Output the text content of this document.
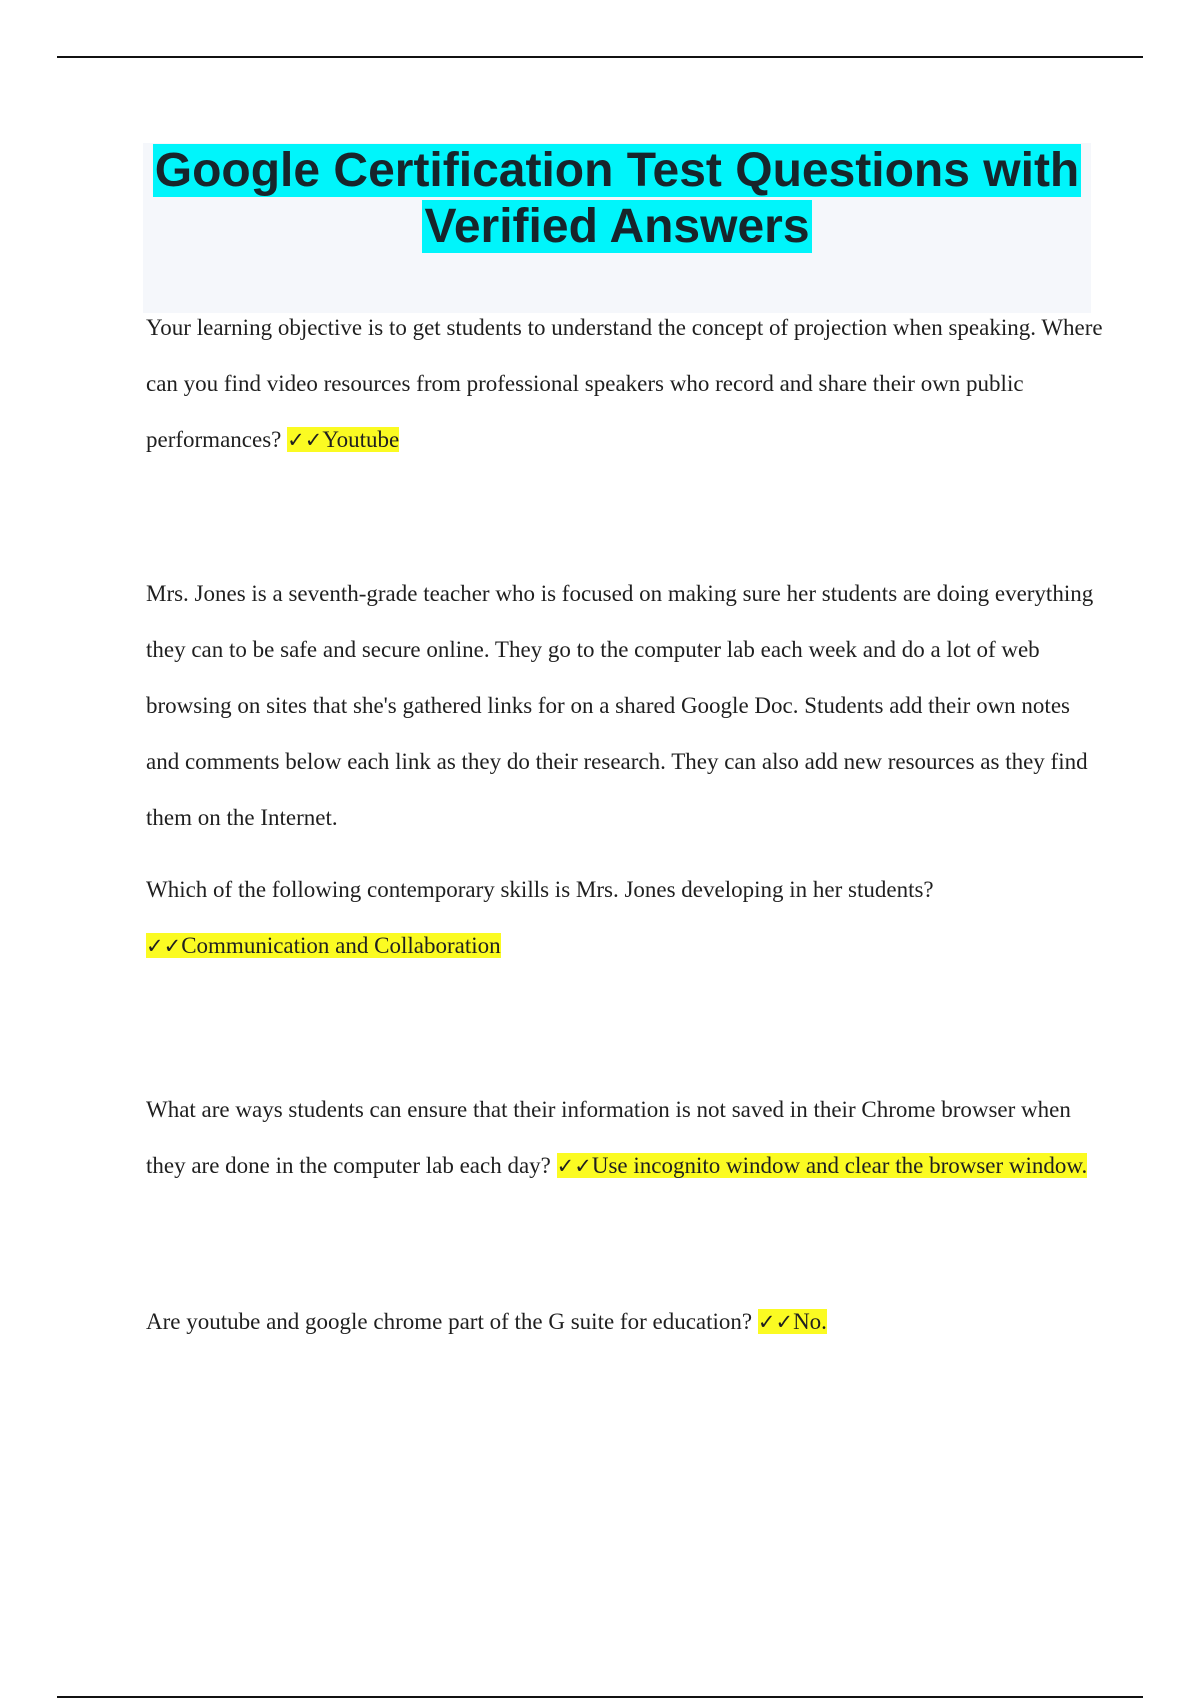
Google Certification Test Questions with
Verified Answers

Your learning objective is to get students to understand the concept of projection when speaking. Where can you find video resources from professional speakers who record and share their own public performances? ✓✓Youtube

Mrs. Jones is a seventh-grade teacher who is focused on making sure her students are doing everything they can to be safe and secure online. They go to the computer lab each week and do a lot of web browsing on sites that she's gathered links for on a shared Google Doc. Students add their own notes and comments below each link as they do their research. They can also add new resources as they find them on the Internet.

Which of the following contemporary skills is Mrs. Jones developing in her students?
✓✓Communication and Collaboration

What are ways students can ensure that their information is not saved in their Chrome browser when they are done in the computer lab each day? ✓✓Use incognito window and clear the browser window.

Are youtube and google chrome part of the G suite for education? ✓✓No.
